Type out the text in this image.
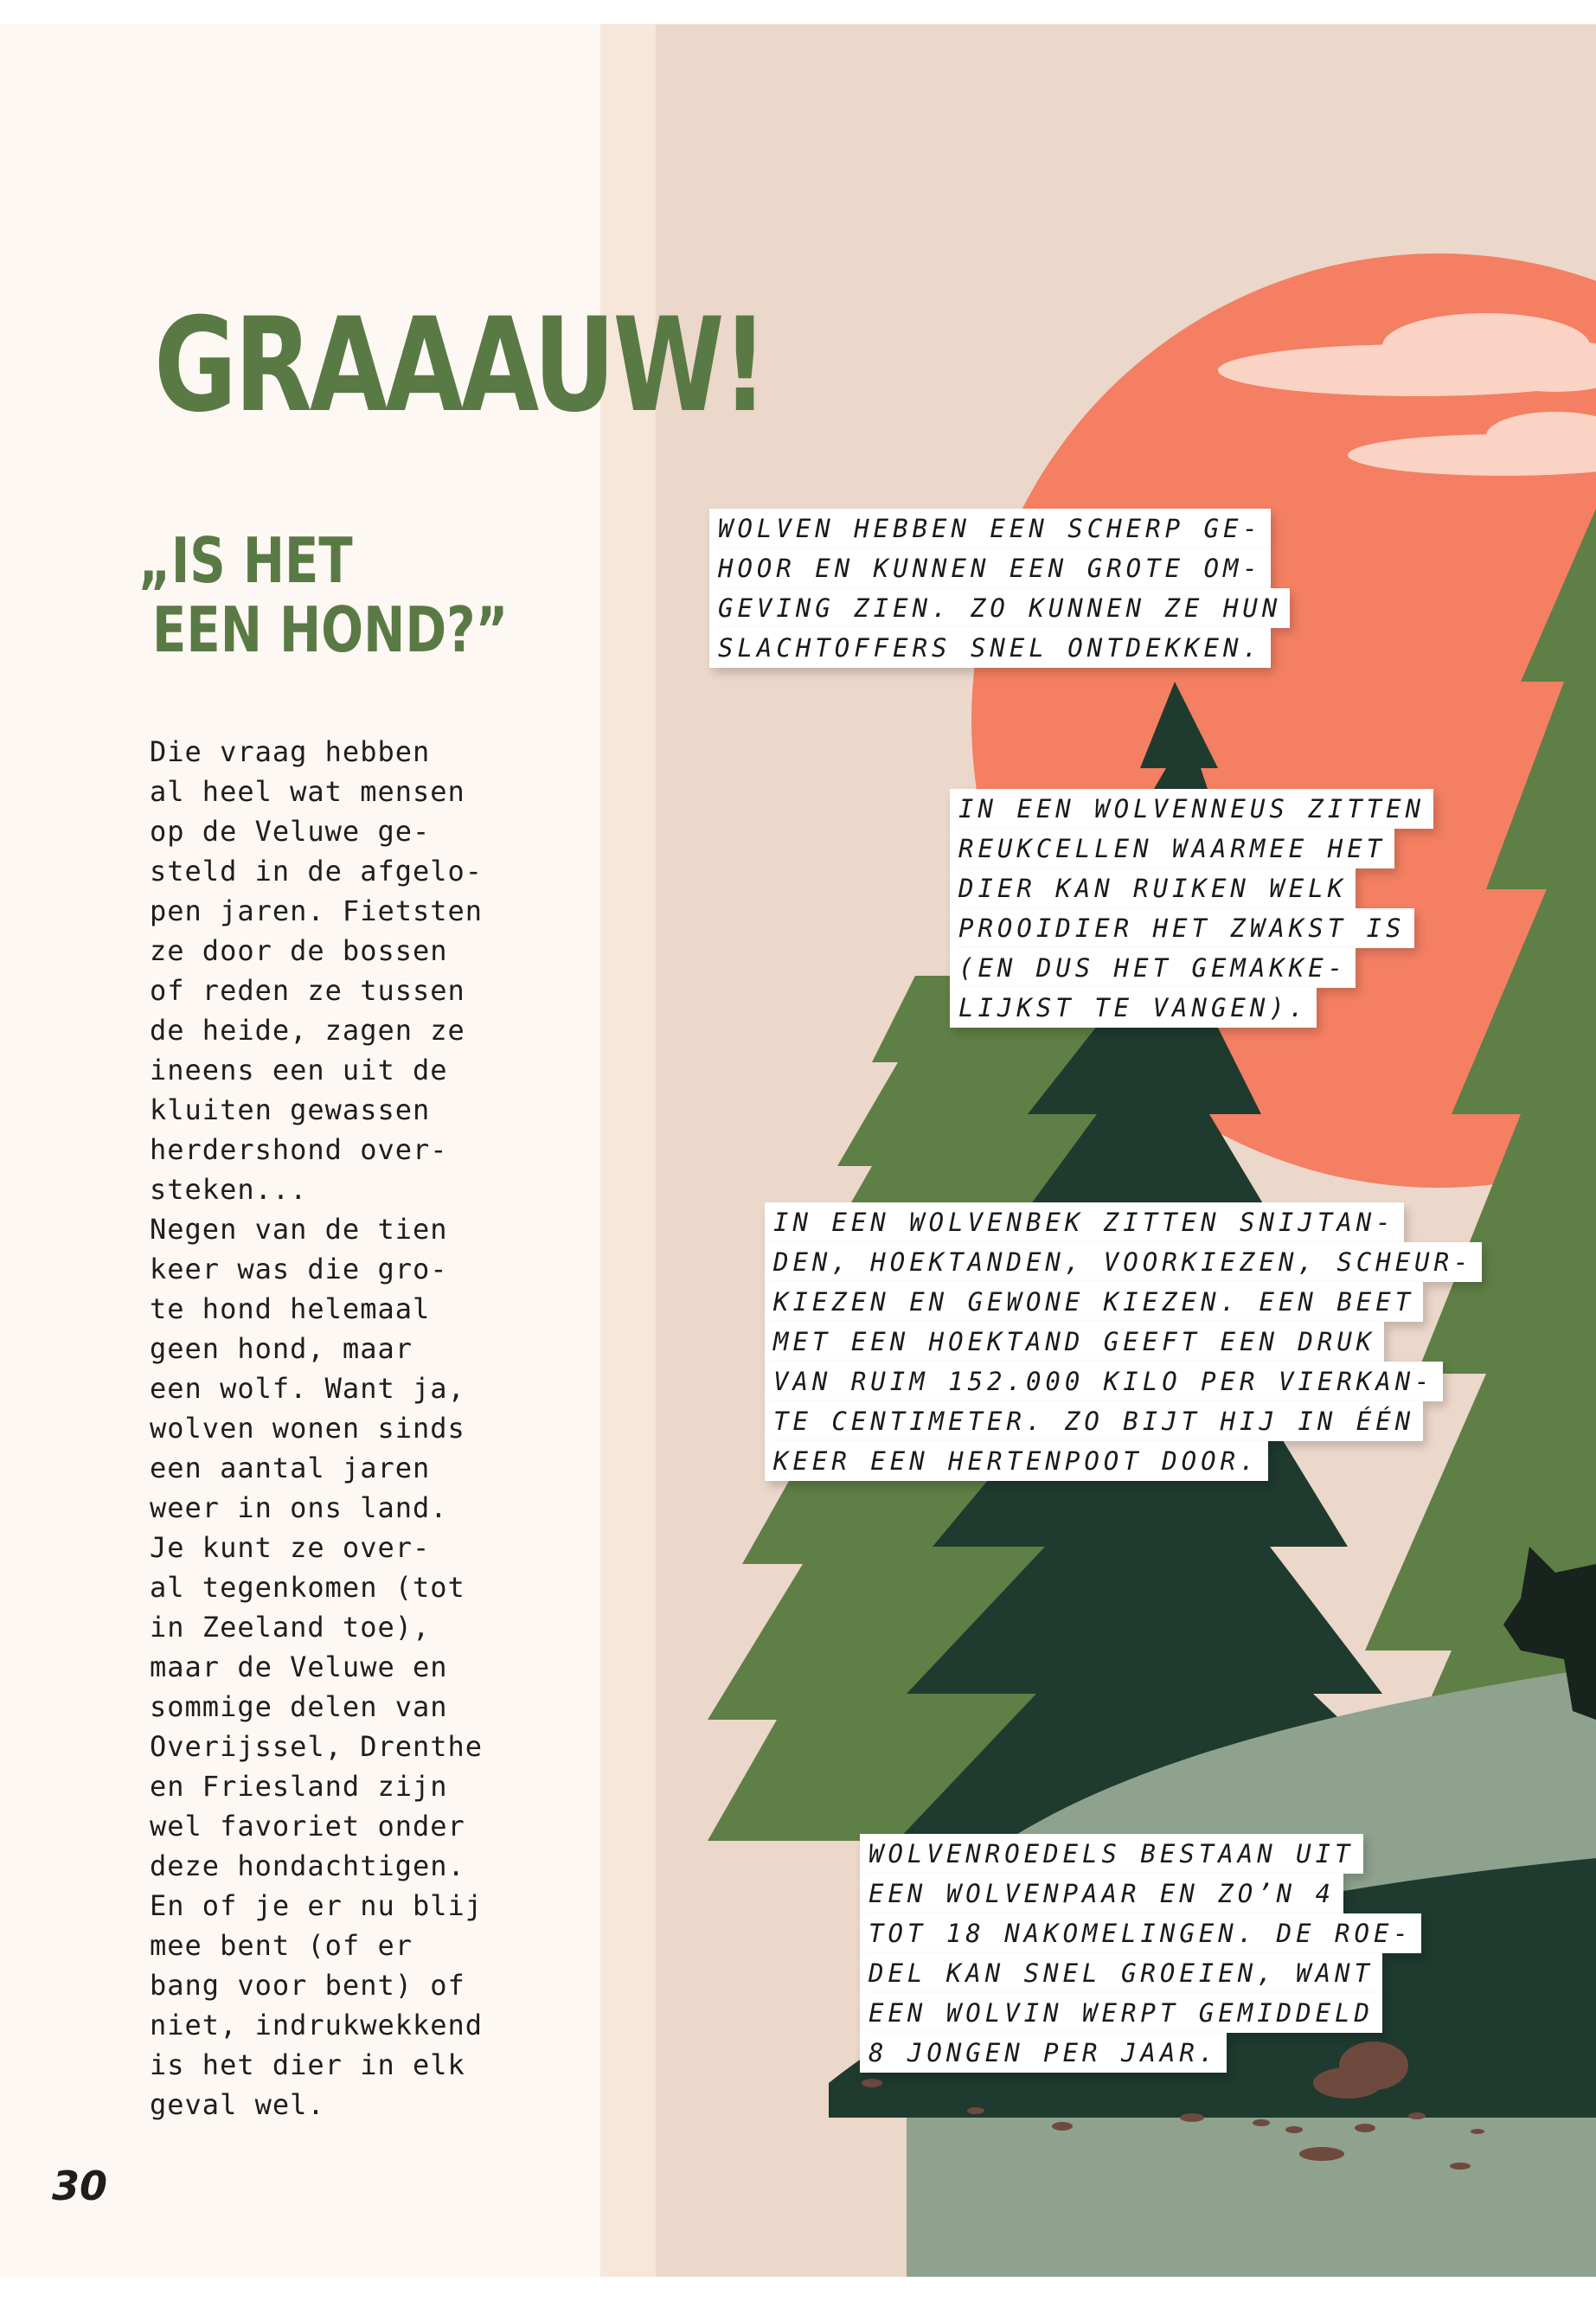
GRAAAUW!
„IS HET
EEN HOND?”
Die vraag hebben
al heel wat mensen
op de Veluwe ge-
steld in de afgelo-
pen jaren. Fietsten
ze door de bossen
of reden ze tussen
de heide, zagen ze
ineens een uit de
kluiten gewassen
herdershond over-
steken...
Negen van de tien
keer was die gro-
te hond helemaal
geen hond, maar
een wolf. Want ja,
wolven wonen sinds
een aantal jaren
weer in ons land.
Je kunt ze over-
al tegenkomen (tot
in Zeeland toe),
maar de Veluwe en
sommige delen van
Overijssel, Drenthe
en Friesland zijn
wel favoriet onder
deze hondachtigen.
En of je er nu blij
mee bent (of er
bang voor bent) of
niet, indrukwekkend
is het dier in elk
geval wel.
30
WOLVEN HEBBEN EEN SCHERP GE-
HOOR EN KUNNEN EEN GROTE OM-
GEVING ZIEN. ZO KUNNEN ZE HUN
SLACHTOFFERS SNEL ONTDEKKEN.
IN EEN WOLVENNEUS ZITTEN
REUKCELLEN WAARMEE HET
DIER KAN RUIKEN WELK
PROOIDIER HET ZWAKST IS
(EN DUS HET GEMAKKE-
LIJKST TE VANGEN).
IN EEN WOLVENBEK ZITTEN SNIJTAN-
DEN, HOEKTANDEN, VOORKIEZEN, SCHEUR-
KIEZEN EN GEWONE KIEZEN. EEN BEET
MET EEN HOEKTAND GEEFT EEN DRUK
VAN RUIM 152.000 KILO PER VIERKAN-
TE CENTIMETER. ZO BIJT HIJ IN ÉÉN
KEER EEN HERTENPOOT DOOR.
WOLVENROEDELS BESTAAN UIT
EEN WOLVENPAAR EN ZO’N 4
TOT 18 NAKOMELINGEN. DE ROE-
DEL KAN SNEL GROEIEN, WANT
EEN WOLVIN WERPT GEMIDDELD
8 JONGEN PER JAAR.
